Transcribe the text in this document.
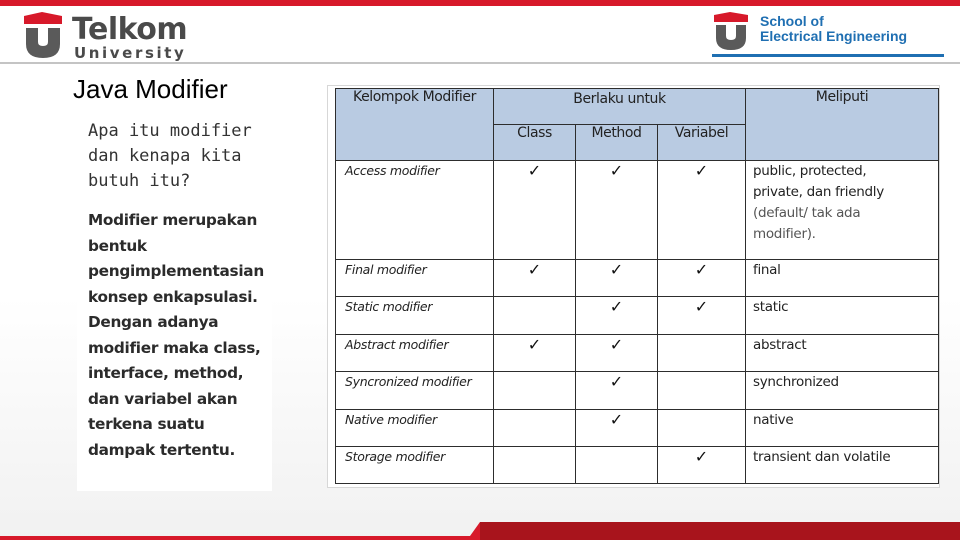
Telkom
University
School of
Electrical Engineering
Java Modifier
Apa itu modifier
dan kenapa kita
butuh itu?
Modifier merupakan
bentuk
pengimplementasian
konsep enkapsulasi.
Dengan adanya
modifier maka class,
interface, method,
dan variabel akan
terkena suatu
dampak tertentu.
Kelompok Modifier	Berlaku untuk			Meliputi
	Class	Method	Variabel	
Access modifier	✓	✓	✓	public, protected,
private, dan friendly
(default/ tak ada
modifier).

Final modifier	✓	✓	✓	final
Static modifier		✓	✓	static
Abstract modifier	✓	✓		abstract
Syncronized modifier		✓		synchronized
Native modifier		✓		native
Storage modifier			✓	transient dan volatile
